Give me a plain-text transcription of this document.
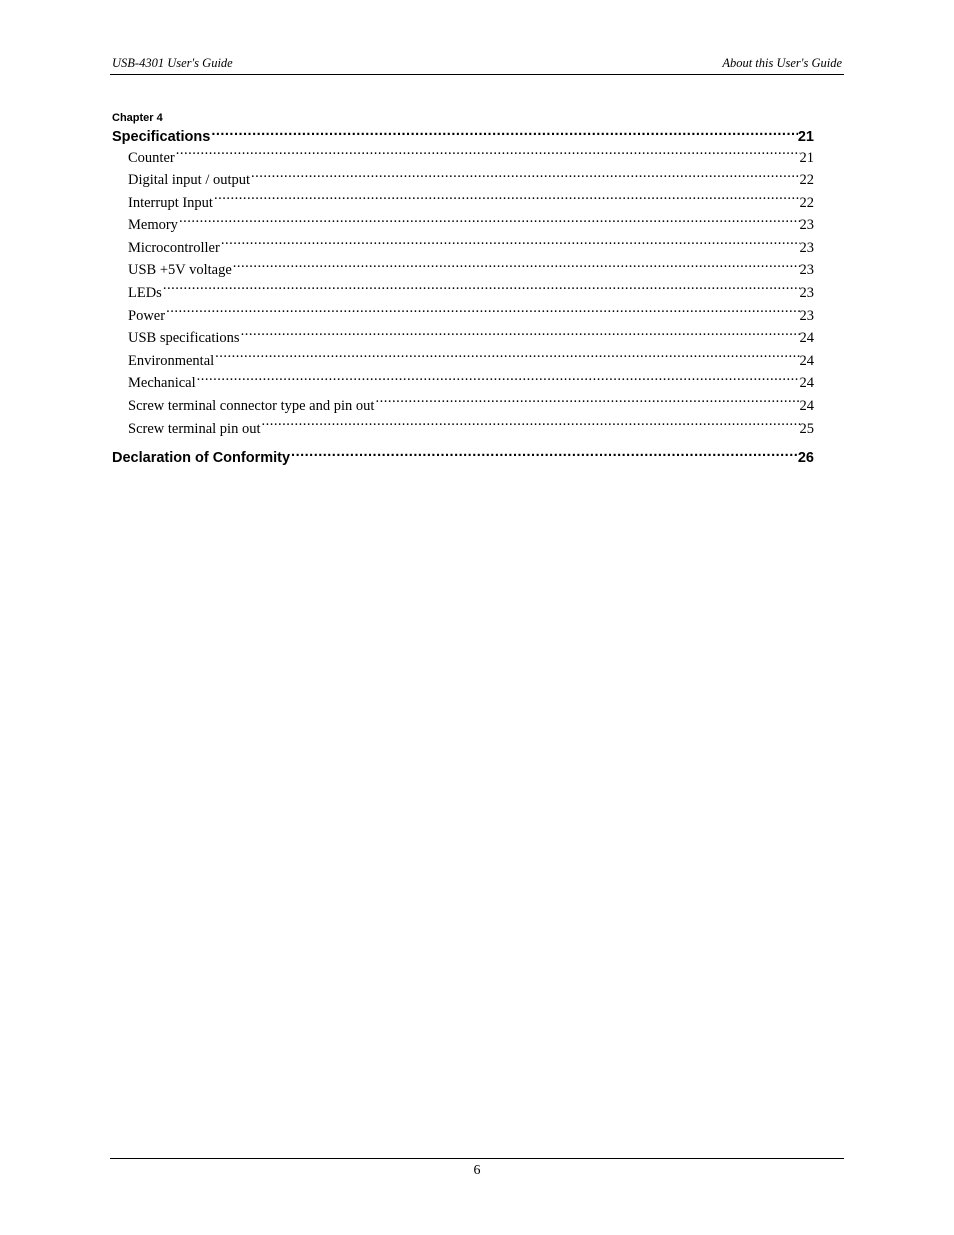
USB-4301 User's Guide	About this User's Guide
Chapter 4
Specifications .....	21
Counter .....	21
Digital input / output .....	22
Interrupt Input .....	22
Memory .....	23
Microcontroller .....	23
USB +5V voltage .....	23
LEDs .....	23
Power .....	23
USB specifications .....	24
Environmental .....	24
Mechanical .....	24
Screw terminal connector type and pin out .....	24
Screw terminal pin out .....	25
Declaration of Conformity .....	26
6
